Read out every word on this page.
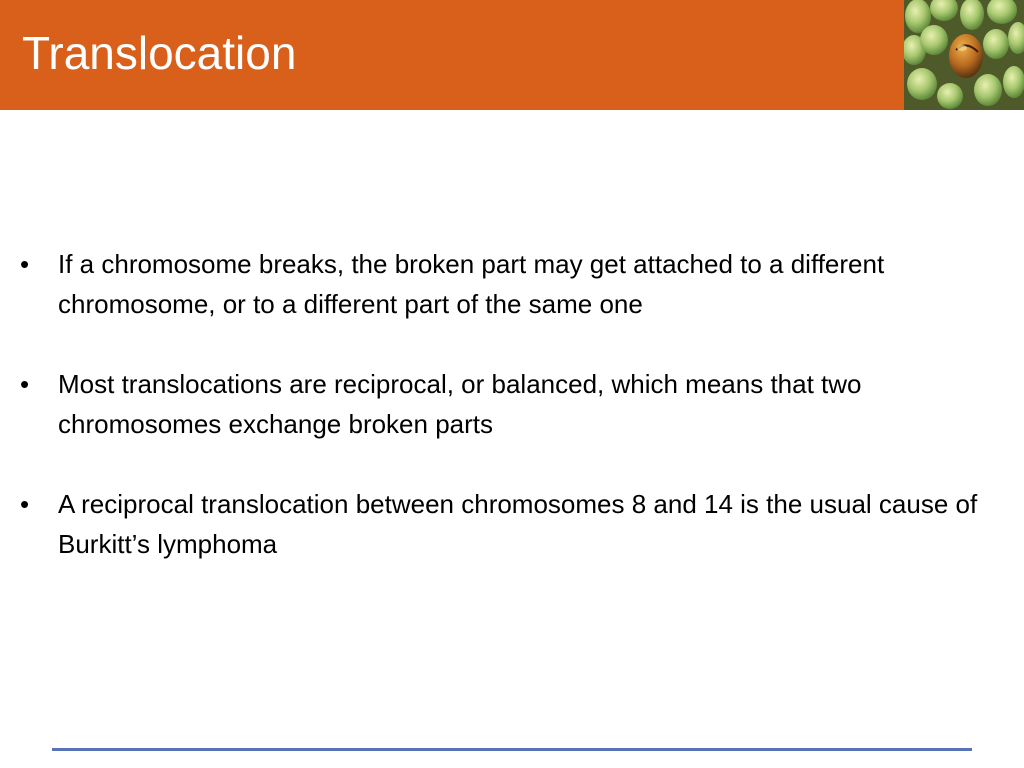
Translocation
•	If a chromosome breaks, the broken part may get attached to a different chromosome, or to a different part of the same one
•	Most translocations are reciprocal, or balanced, which means that two chromosomes exchange broken parts
•	A reciprocal translocation between chromosomes 8 and 14 is the usual cause of Burkitt’s lymphoma
